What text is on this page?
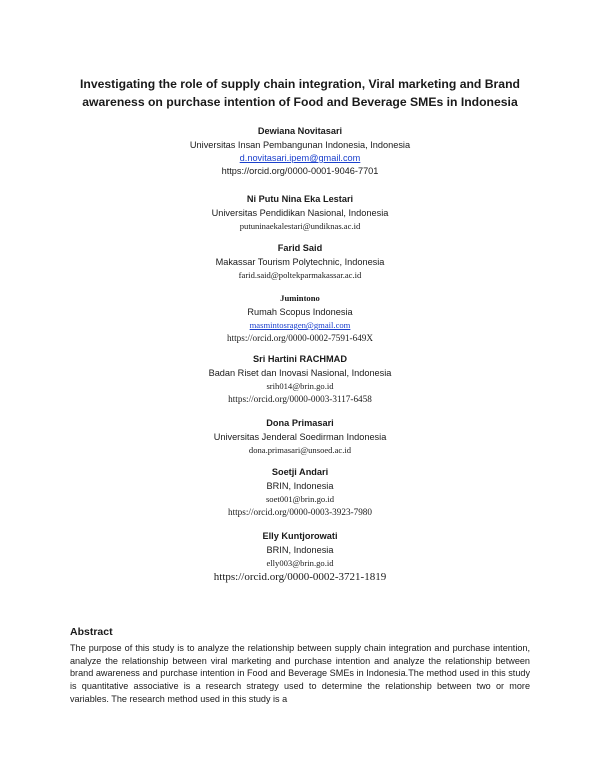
Investigating the role of supply chain integration, Viral marketing and Brand
awareness on purchase intention of Food and Beverage SMEs in Indonesia
Dewiana Novitasari
Universitas Insan Pembangunan Indonesia, Indonesia
d.novitasari.ipem@gmail.com
https://orcid.org/0000-0001-9046-7701
Ni Putu Nina Eka Lestari
Universitas Pendidikan Nasional, Indonesia
putuninaekalestari@undiknas.ac.id
Farid Said
Makassar Tourism Polytechnic, Indonesia
farid.said@poltekparmakassar.ac.id
Jumintono
Rumah Scopus Indonesia
masmintosragen@gmail.com
https://orcid.org/0000-0002-7591-649X
Sri Hartini RACHMAD
Badan Riset dan Inovasi Nasional, Indonesia
srih014@brin.go.id
https://orcid.org/0000-0003-3117-6458
Dona Primasari
Universitas Jenderal Soedirman Indonesia
dona.primasari@unsoed.ac.id
Soetji Andari
BRIN, Indonesia
soet001@brin.go.id
https://orcid.org/0000-0003-3923-7980
Elly Kuntjorowati
BRIN, Indonesia
elly003@brin.go.id
https://orcid.org/0000-0002-3721-1819
Abstract
The purpose of this study is to analyze the relationship between supply chain integration and purchase intention, analyze the relationship between viral marketing and purchase intention and analyze the relationship between brand awareness and purchase intention in Food and Beverage SMEs in Indonesia.The method used in this study is quantitative associative is a research strategy used to determine the relationship between two or more variables. The research method used in this study is a
